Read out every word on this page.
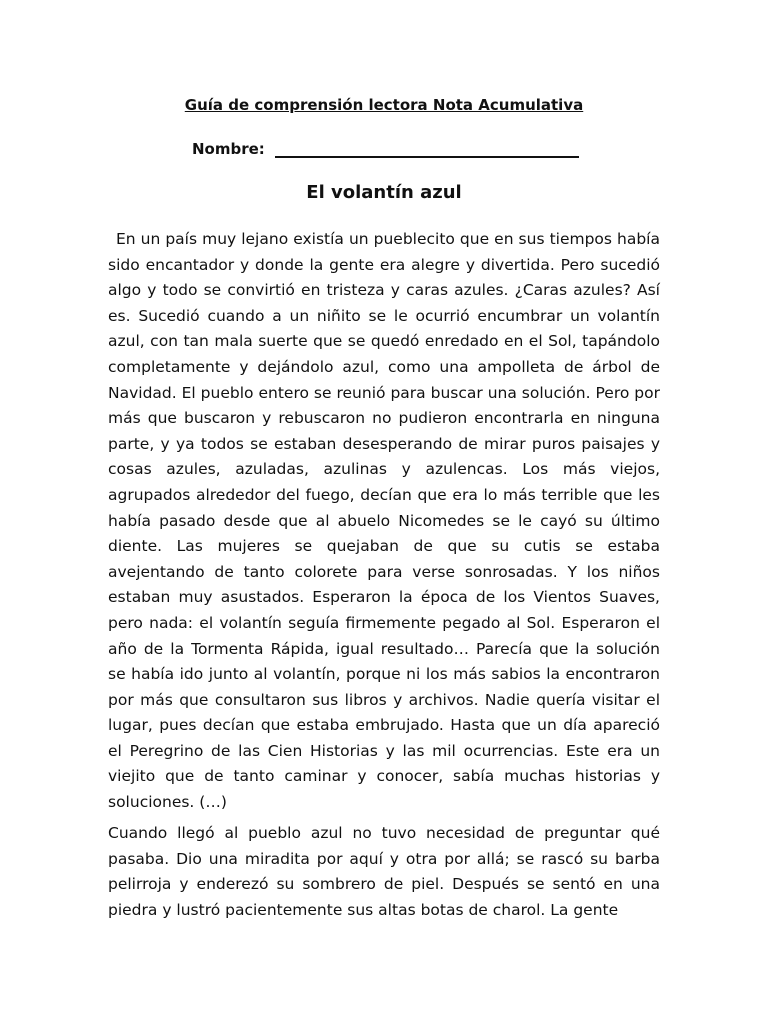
Guía de comprensión lectora Nota Acumulativa
Nombre:
El volantín azul

En un país muy lejano existía un pueblecito que en sus tiempos había sido encantador y donde la gente era alegre y divertida. Pero sucedió algo y todo se convirtió en tristeza y caras azules. ¿Caras azules? Así es. Sucedió cuando a un niñito se le ocurrió encumbrar un volantín azul, con tan mala suerte que se quedó enredado en el Sol, tapándolo completamente y dejándolo azul, como una ampolleta de árbol de Navidad. El pueblo entero se reunió para buscar una solución. Pero por más que buscaron y rebuscaron no pudieron encontrarla en ninguna parte, y ya todos se estaban desesperando de mirar puros paisajes y cosas azules, azuladas, azulinas y azulencas. Los más viejos, agrupados alrededor del fuego, decían que era lo más terrible que les había pasado desde que al abuelo Nicomedes se le cayó su último diente. Las mujeres se quejaban de que su cutis se estaba avejentando de tanto colorete para verse sonrosadas. Y los niños estaban muy asustados. Esperaron la época de los Vientos Suaves, pero nada: el volantín seguía firmemente pegado al Sol. Esperaron el año de la Tormenta Rápida, igual resultado… Parecía que la solución se había ido junto al volantín, porque ni los más sabios la encontraron por más que consultaron sus libros y archivos. Nadie quería visitar el lugar, pues decían que estaba embrujado. Hasta que un día apareció el Peregrino de las Cien Historias y las mil ocurrencias. Este era un viejito que de tanto caminar y conocer, sabía muchas historias y soluciones. (…)

Cuando llegó al pueblo azul no tuvo necesidad de preguntar qué pasaba. Dio una miradita por aquí y otra por allá; se rascó su barba pelirroja y enderezó su sombrero de piel. Después se sentó en una piedra y lustró pacientemente sus altas botas de charol. La gente
